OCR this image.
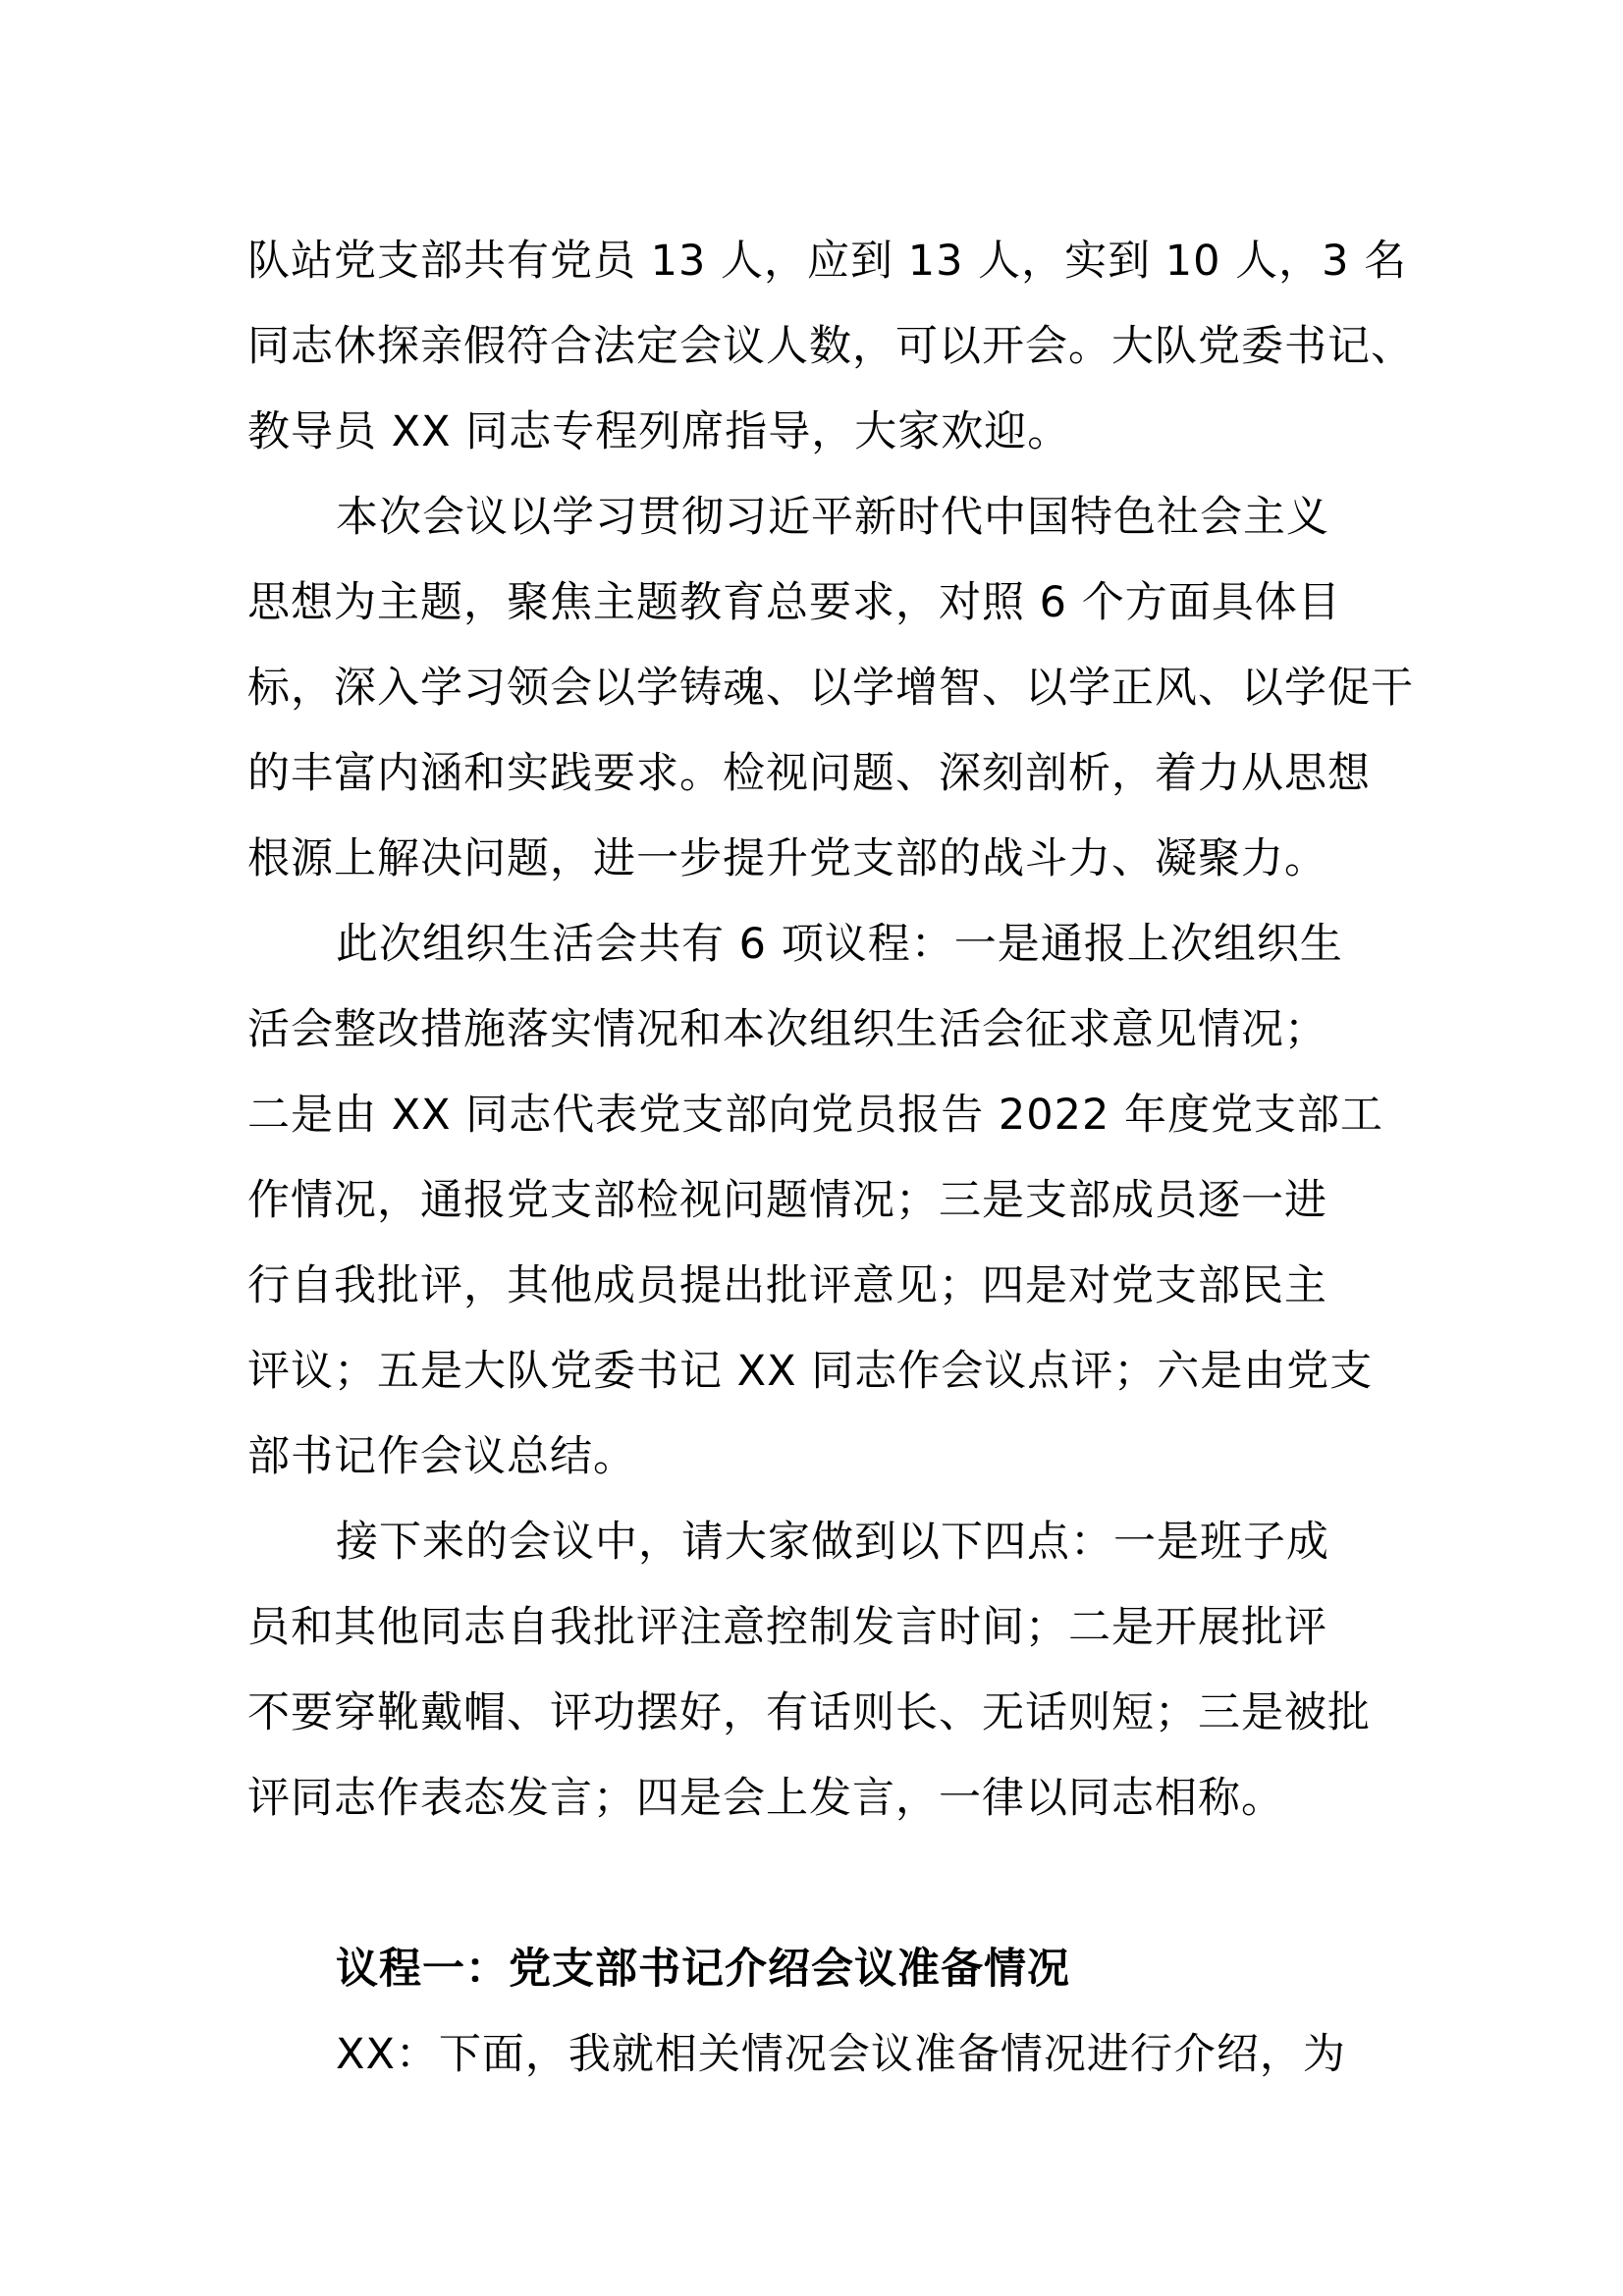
队站党支部共有党员 13 人，应到 13 人，实到 10 人，3 名
同志休探亲假符合法定会议人数，可以开会。大队党委书记、
教导员 XX 同志专程列席指导，大家欢迎。
本次会议以学习贯彻习近平新时代中国特色社会主义
思想为主题，聚焦主题教育总要求，对照 6 个方面具体目
标，深入学习领会以学铸魂、以学增智、以学正风、以学促干
的丰富内涵和实践要求。检视问题、深刻剖析，着力从思想
根源上解决问题，进一步提升党支部的战斗力、凝聚力。
此次组织生活会共有 6 项议程：一是通报上次组织生
活会整改措施落实情况和本次组织生活会征求意见情况；
二是由 XX 同志代表党支部向党员报告 2022 年度党支部工
作情况，通报党支部检视问题情况；三是支部成员逐一进
行自我批评，其他成员提出批评意见；四是对党支部民主
评议；五是大队党委书记 XX 同志作会议点评；六是由党支
部书记作会议总结。
接下来的会议中，请大家做到以下四点：一是班子成
员和其他同志自我批评注意控制发言时间；二是开展批评
不要穿靴戴帽、评功摆好，有话则长、无话则短；三是被批
评同志作表态发言；四是会上发言，一律以同志相称。
议程一：党支部书记介绍会议准备情况
XX：下面，我就相关情况会议准备情况进行介绍，为
